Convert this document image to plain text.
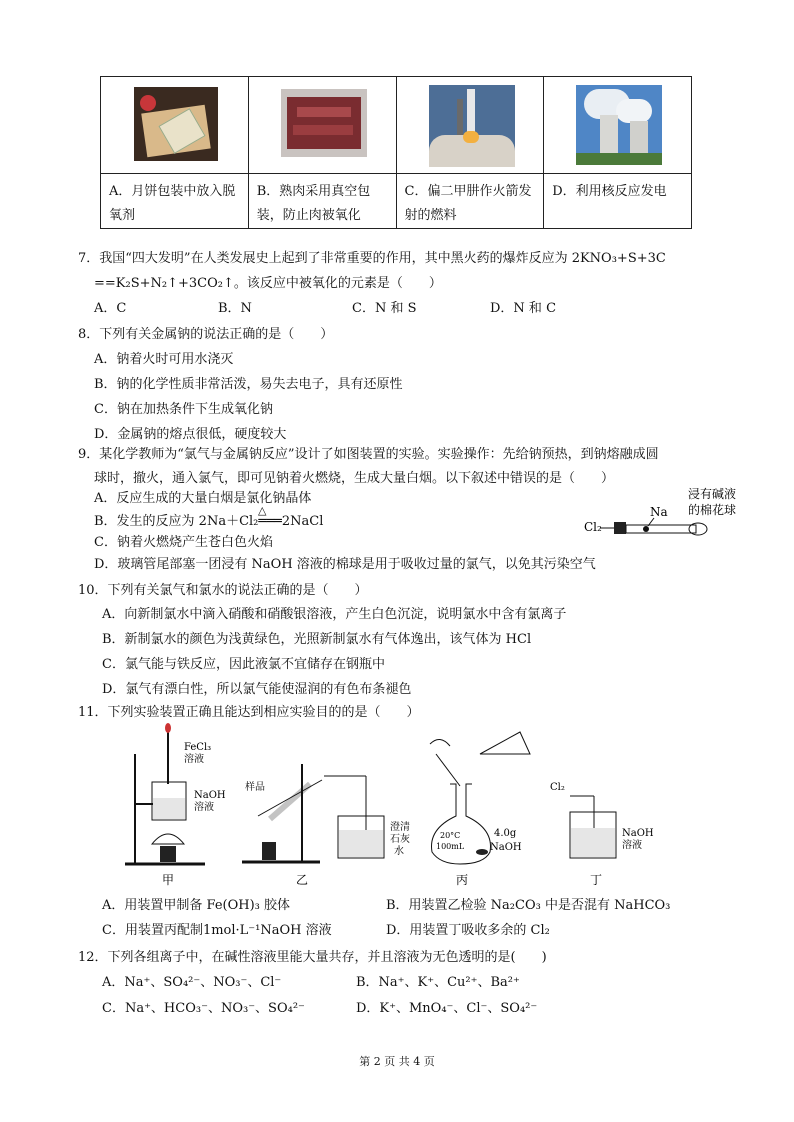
A．月饼包装中放入脱氧剂	B．熟肉采用真空包装，防止肉被氧化	C．偏二甲肼作火箭发射的燃料	D．利用核反应发电
7．我国“四大发明”在人类发展史上起到了非常重要的作用，其中黑火药的爆炸反应为 2KNO₃+S+3C
==K₂S+N₂↑+3CO₂↑。该反应中被氧化的元素是（　　）
A．C	B．N	C．N 和 S	D．N 和 C
8．下列有关金属钠的说法正确的是（　　）
A．钠着火时可用水浇灭
B．钠的化学性质非常活泼，易失去电子，具有还原性
C．钠在加热条件下生成氧化钠
D．金属钠的熔点很低，硬度较大
9．某化学教师为“氯气与金属钠反应”设计了如图装置的实验。实验操作：先给钠预热，到钠熔融成圆
球时，撤火，通入氯气，即可见钠着火燃烧，生成大量白烟。以下叙述中错误的是（　　）
A．反应生成的大量白烟是氯化钠晶体
B．发生的反应为 2Na＋Cl₂═══2NaCl
△
C．钠着火燃烧产生苍白色火焰
D．玻璃管尾部塞一团浸有 NaOH 溶液的棉球是用于吸收过量的氯气，以免其污染空气
Cl₂
Na
浸有碱液
的棉花球
10．下列有关氯气和氯水的说法正确的是（　　）
A．向新制氯水中滴入硝酸和硝酸银溶液，产生白色沉淀，说明氯水中含有氯离子
B．新制氯水的颜色为浅黄绿色，光照新制氯水有气体逸出，该气体为 HCl
C．氯气能与铁反应，因此液氯不宜储存在钢瓶中
D．氯气有漂白性，所以氯气能使湿润的有色布条褪色
11．下列实验装置正确且能达到相应实验目的的是（　　）
FeCl₃
溶液
NaOH
溶液
甲
样品
澄清
石灰
水
乙
20°C
100mL
4.0g
NaOH
丙
Cl₂
NaOH
溶液
丁
A．用装置甲制备 Fe(OH)₃ 胶体	B．用装置乙检验 Na₂CO₃ 中是否混有 NaHCO₃
C．用装置丙配制1mol·L⁻¹NaOH 溶液	D．用装置丁吸收多余的 Cl₂
12．下列各组离子中，在碱性溶液里能大量共存，并且溶液为无色透明的是(　　)
A．Na⁺、SO₄²⁻、NO₃⁻、Cl⁻	B．Na⁺、K⁺、Cu²⁺、Ba²⁺
C．Na⁺、HCO₃⁻、NO₃⁻、SO₄²⁻	D．K⁺、MnO₄⁻、Cl⁻、SO₄²⁻
第 2 页 共 4 页
